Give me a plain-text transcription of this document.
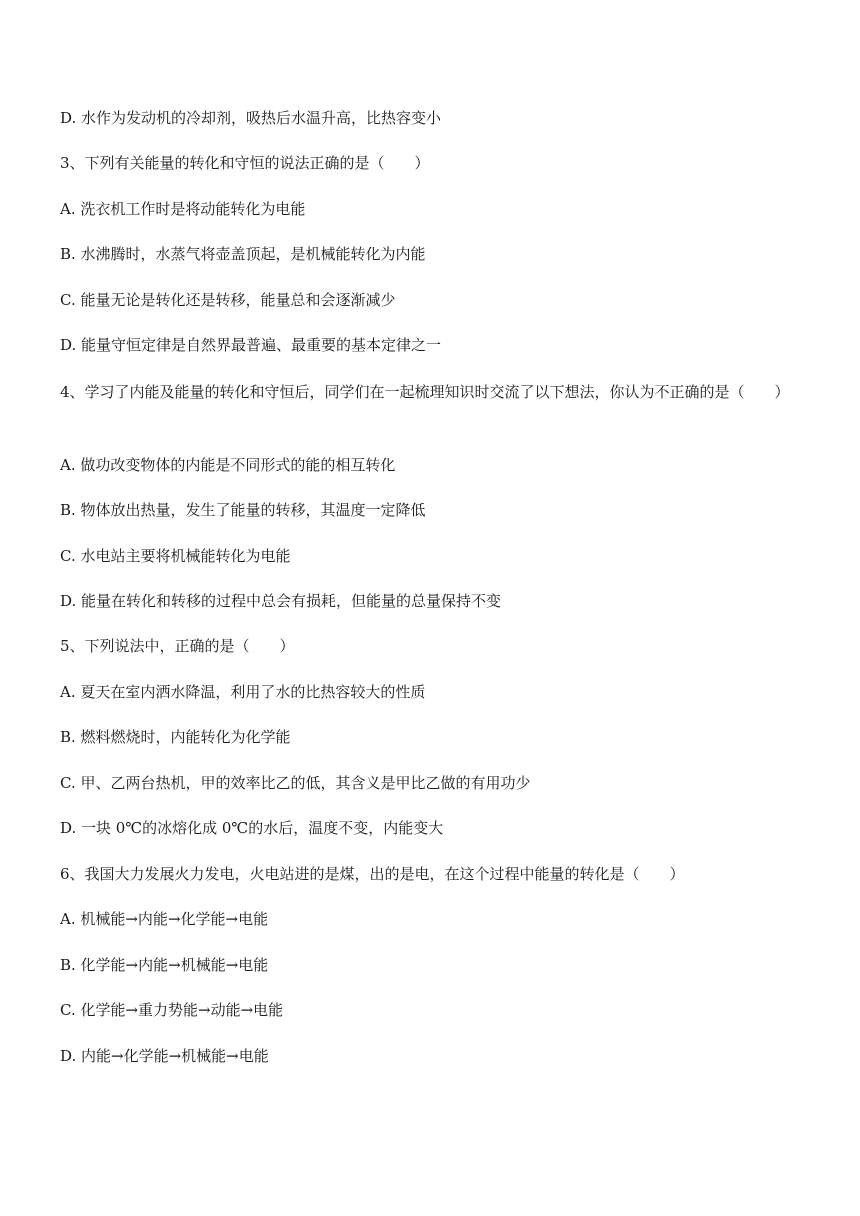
D. 水作为发动机的冷却剂，吸热后水温升高，比热容变小
3、下列有关能量的转化和守恒的说法正确的是（　　）
A. 洗衣机工作时是将动能转化为电能
B. 水沸腾时，水蒸气将壶盖顶起，是机械能转化为内能
C. 能量无论是转化还是转移，能量总和会逐渐减少
D. 能量守恒定律是自然界最普遍、最重要的基本定律之一
4、学习了内能及能量的转化和守恒后，同学们在一起梳理知识时交流了以下想法，你认为不正确的是（　　）
A. 做功改变物体的内能是不同形式的能的相互转化
B. 物体放出热量，发生了能量的转移，其温度一定降低
C. 水电站主要将机械能转化为电能
D. 能量在转化和转移的过程中总会有损耗，但能量的总量保持不变
5、下列说法中，正确的是（　　）
A. 夏天在室内洒水降温，利用了水的比热容较大的性质
B. 燃料燃烧时，内能转化为化学能
C. 甲、乙两台热机，甲的效率比乙的低，其含义是甲比乙做的有用功少
D. 一块 0℃的冰熔化成 0℃的水后，温度不变，内能变大
6、我国大力发展火力发电，火电站进的是煤，出的是电，在这个过程中能量的转化是（　　）
A. 机械能→内能→化学能→电能
B. 化学能→内能→机械能→电能
C. 化学能→重力势能→动能→电能
D. 内能→化学能→机械能→电能
